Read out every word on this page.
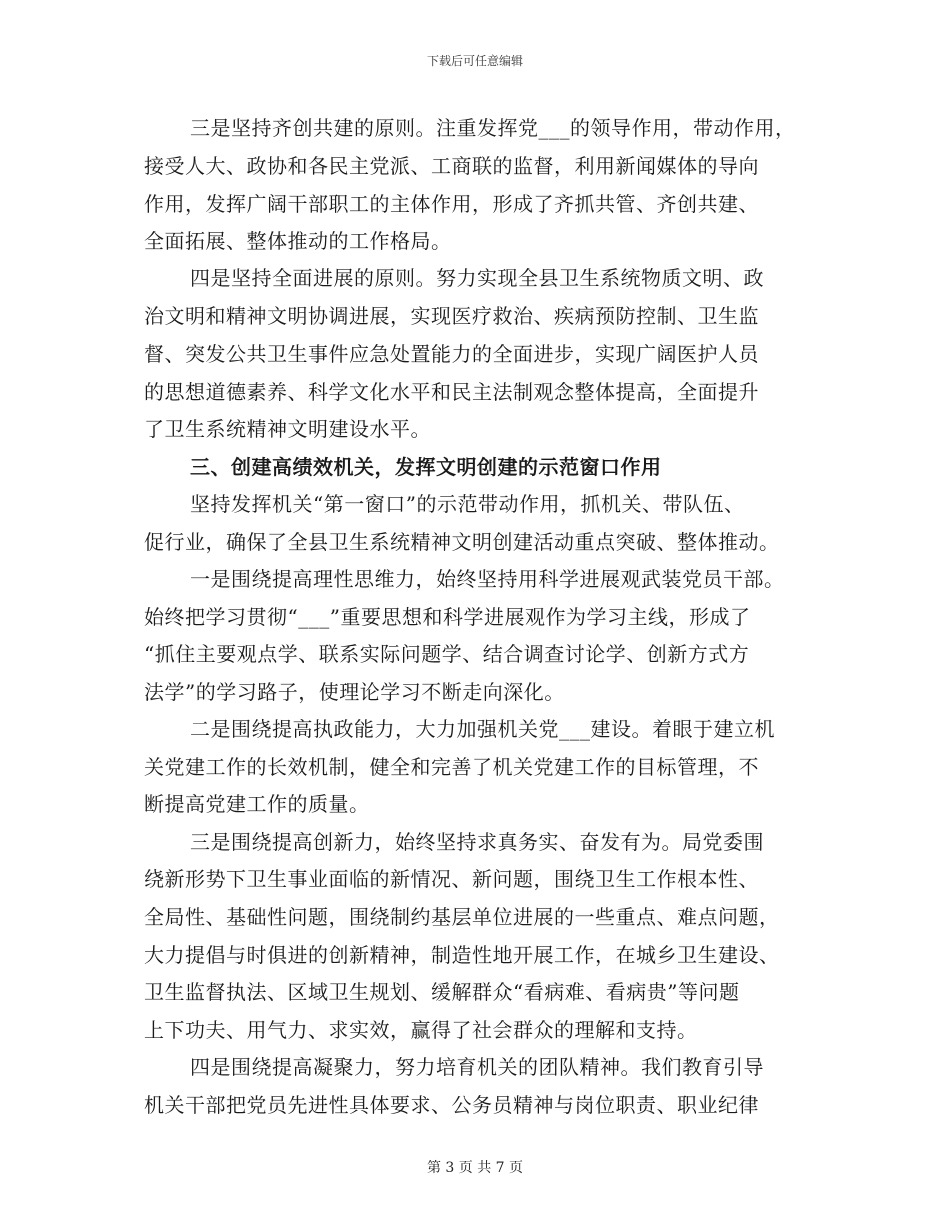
下载后可任意编辑
三是坚持齐创共建的原则。注重发挥党___的领导作用，带动作用，
接受人大、政协和各民主党派、工商联的监督，利用新闻媒体的导向
作用，发挥广阔干部职工的主体作用，形成了齐抓共管、齐创共建、
全面拓展、整体推动的工作格局。
四是坚持全面进展的原则。努力实现全县卫生系统物质文明、政
治文明和精神文明协调进展，实现医疗救治、疾病预防控制、卫生监
督、突发公共卫生事件应急处置能力的全面进步，实现广阔医护人员
的思想道德素养、科学文化水平和民主法制观念整体提高，全面提升
了卫生系统精神文明建设水平。
三、创建高绩效机关，发挥文明创建的示范窗口作用
坚持发挥机关“第一窗口”的示范带动作用，抓机关、带队伍、
促行业，确保了全县卫生系统精神文明创建活动重点突破、整体推动。
一是围绕提高理性思维力，始终坚持用科学进展观武装党员干部。
始终把学习贯彻“___”重要思想和科学进展观作为学习主线，形成了
“抓住主要观点学、联系实际问题学、结合调查讨论学、创新方式方
法学”的学习路子，使理论学习不断走向深化。
二是围绕提高执政能力，大力加强机关党___建设。着眼于建立机
关党建工作的长效机制，健全和完善了机关党建工作的目标管理，不
断提高党建工作的质量。
三是围绕提高创新力，始终坚持求真务实、奋发有为。局党委围
绕新形势下卫生事业面临的新情况、新问题，围绕卫生工作根本性、
全局性、基础性问题，围绕制约基层单位进展的一些重点、难点问题，
大力提倡与时俱进的创新精神，制造性地开展工作，在城乡卫生建设、
卫生监督执法、区域卫生规划、缓解群众“看病难、看病贵”等问题
上下功夫、用气力、求实效，赢得了社会群众的理解和支持。
四是围绕提高凝聚力，努力培育机关的团队精神。我们教育引导
机关干部把党员先进性具体要求、公务员精神与岗位职责、职业纪律
第 3 页 共 7 页
